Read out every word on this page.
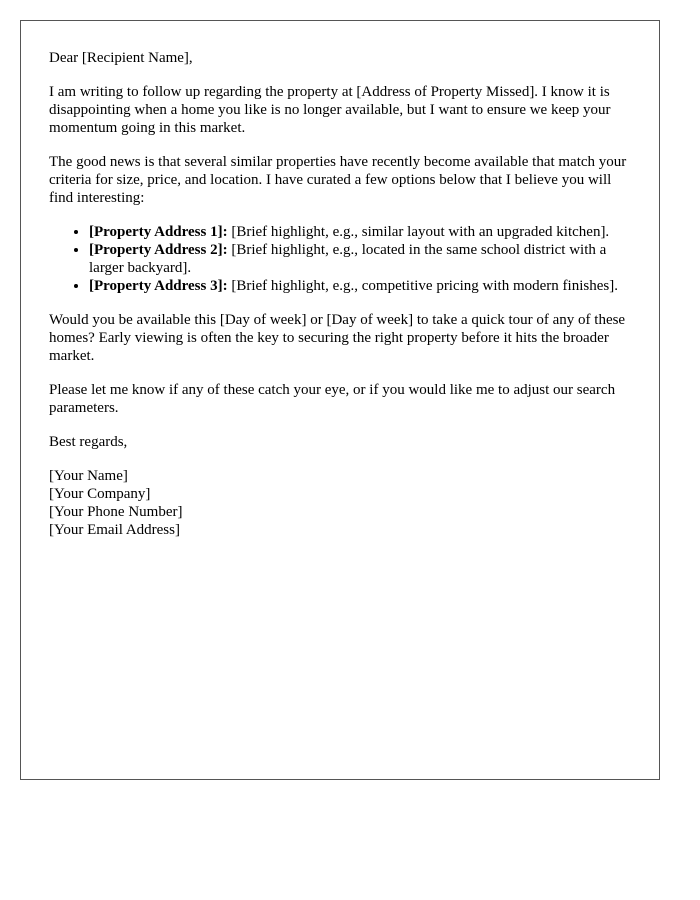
Dear [Recipient Name],

I am writing to follow up regarding the property at [Address of Property Missed]. I know it is disappointing when a home you like is no longer available, but I want to ensure we keep your momentum going in this market.

The good news is that several similar properties have recently become available that match your criteria for size, price, and location. I have curated a few options below that I believe you will find interesting:

• [Property Address 1]: [Brief highlight, e.g., similar layout with an upgraded kitchen].
• [Property Address 2]: [Brief highlight, e.g., located in the same school district with a larger backyard].
• [Property Address 3]: [Brief highlight, e.g., competitive pricing with modern finishes].

Would you be available this [Day of week] or [Day of week] to take a quick tour of any of these homes? Early viewing is often the key to securing the right property before it hits the broader market.

Please let me know if any of these catch your eye, or if you would like me to adjust our search parameters.

Best regards,

[Your Name]
[Your Company]
[Your Phone Number]
[Your Email Address]
